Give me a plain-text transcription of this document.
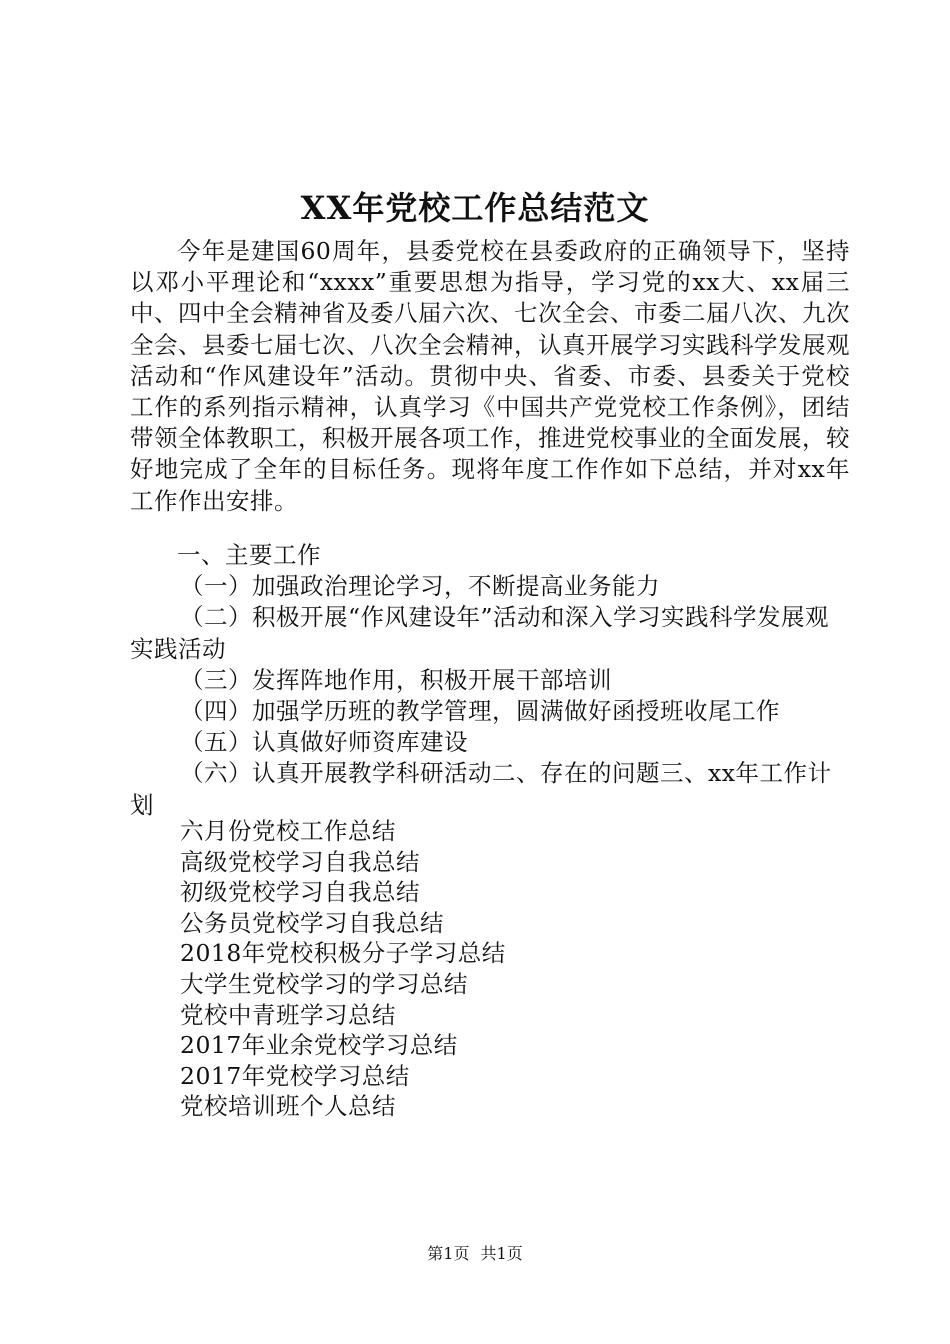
XX年党校工作总结范文

今年是建国60周年，县委党校在县委政府的正确领导下，坚持以邓小平理论和“xxxx”重要思想为指导，学习党的xx大、xx届三中、四中全会精神省及委八届六次、七次全会、市委二届八次、九次全会、县委七届七次、八次全会精神，认真开展学习实践科学发展观活动和“作风建设年”活动。贯彻中央、省委、市委、县委关于党校工作的系列指示精神，认真学习《中国共产党党校工作条例》，团结带领全体教职工，积极开展各项工作，推进党校事业的全面发展，较好地完成了全年的目标任务。现将年度工作作如下总结，并对xx年工作作出安排。

一、主要工作

（一）加强政治理论学习，不断提高业务能力

（二）积极开展“作风建设年”活动和深入学习实践科学发展观实践活动

（三）发挥阵地作用，积极开展干部培训

（四）加强学历班的教学管理，圆满做好函授班收尾工作

（五）认真做好师资库建设

（六）认真开展教学科研活动二、存在的问题三、xx年工作计划

六月份党校工作总结
高级党校学习自我总结
初级党校学习自我总结
公务员党校学习自我总结
2018年党校积极分子学习总结
大学生党校学习的学习总结
党校中青班学习总结
2017年业余党校学习总结
2017年党校学习总结
党校培训班个人总结
第1页 共1页
